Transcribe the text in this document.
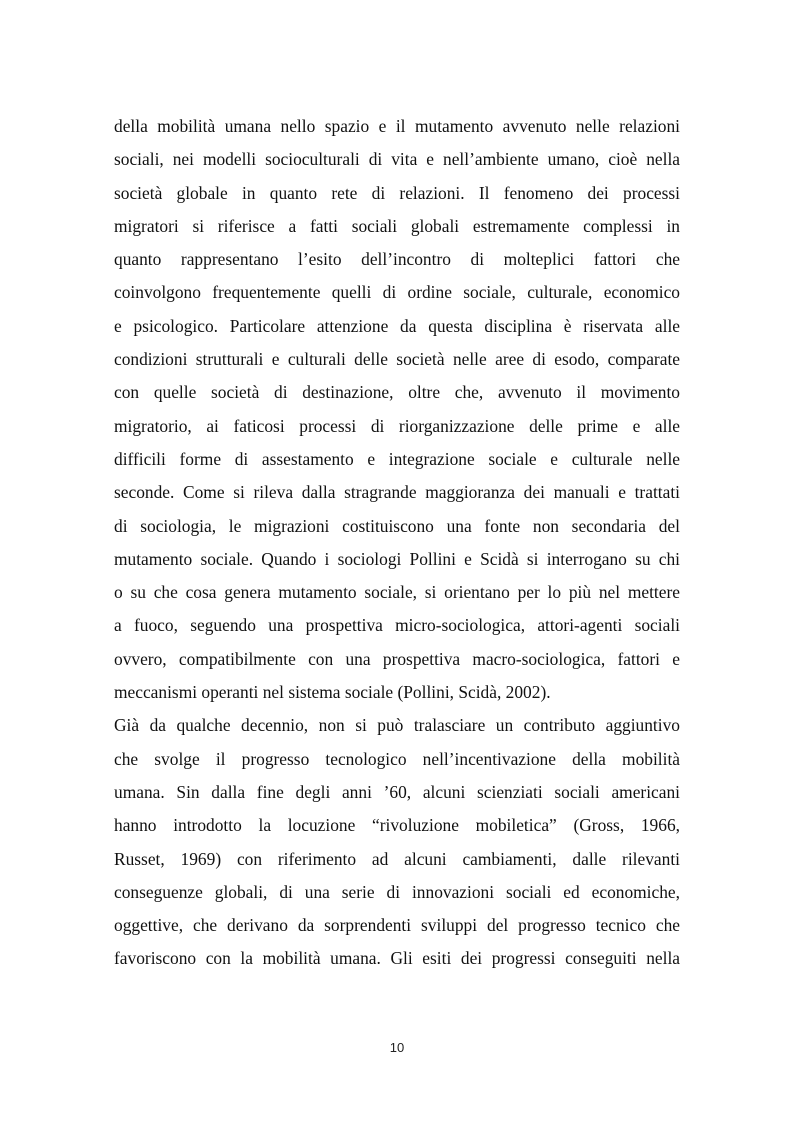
della mobilità umana nello spazio e il mutamento avvenuto nelle relazioni
sociali, nei modelli socioculturali di vita e nell’ambiente umano, cioè nella
società globale in quanto rete di relazioni. Il fenomeno dei processi
migratori si riferisce a fatti sociali globali estremamente complessi in
quanto rappresentano l’esito dell’incontro di molteplici fattori che
coinvolgono frequentemente quelli di ordine sociale, culturale, economico
e psicologico. Particolare attenzione da questa disciplina è riservata alle
condizioni strutturali e culturali delle società nelle aree di esodo, comparate
con quelle società di destinazione, oltre che, avvenuto il movimento
migratorio, ai faticosi processi di riorganizzazione delle prime e alle
difficili forme di assestamento e integrazione sociale e culturale nelle
seconde. Come si rileva dalla stragrande maggioranza dei manuali e trattati
di sociologia, le migrazioni costituiscono una fonte non secondaria del
mutamento sociale. Quando i sociologi Pollini e Scidà si interrogano su chi
o su che cosa genera mutamento sociale, si orientano per lo più nel mettere
a fuoco, seguendo una prospettiva micro-sociologica, attori-agenti sociali
ovvero, compatibilmente con una prospettiva macro-sociologica, fattori e
meccanismi operanti nel sistema sociale (Pollini, Scidà, 2002).
Già da qualche decennio, non si può tralasciare un contributo aggiuntivo
che svolge il progresso tecnologico nell’incentivazione della mobilità
umana. Sin dalla fine degli anni ’60, alcuni scienziati sociali americani
hanno introdotto la locuzione “rivoluzione mobiletica” (Gross, 1966,
Russet, 1969) con riferimento ad alcuni cambiamenti, dalle rilevanti
conseguenze globali, di una serie di innovazioni sociali ed economiche,
oggettive, che derivano da sorprendenti sviluppi del progresso tecnico che
favoriscono con la mobilità umana. Gli esiti dei progressi conseguiti nella
10
